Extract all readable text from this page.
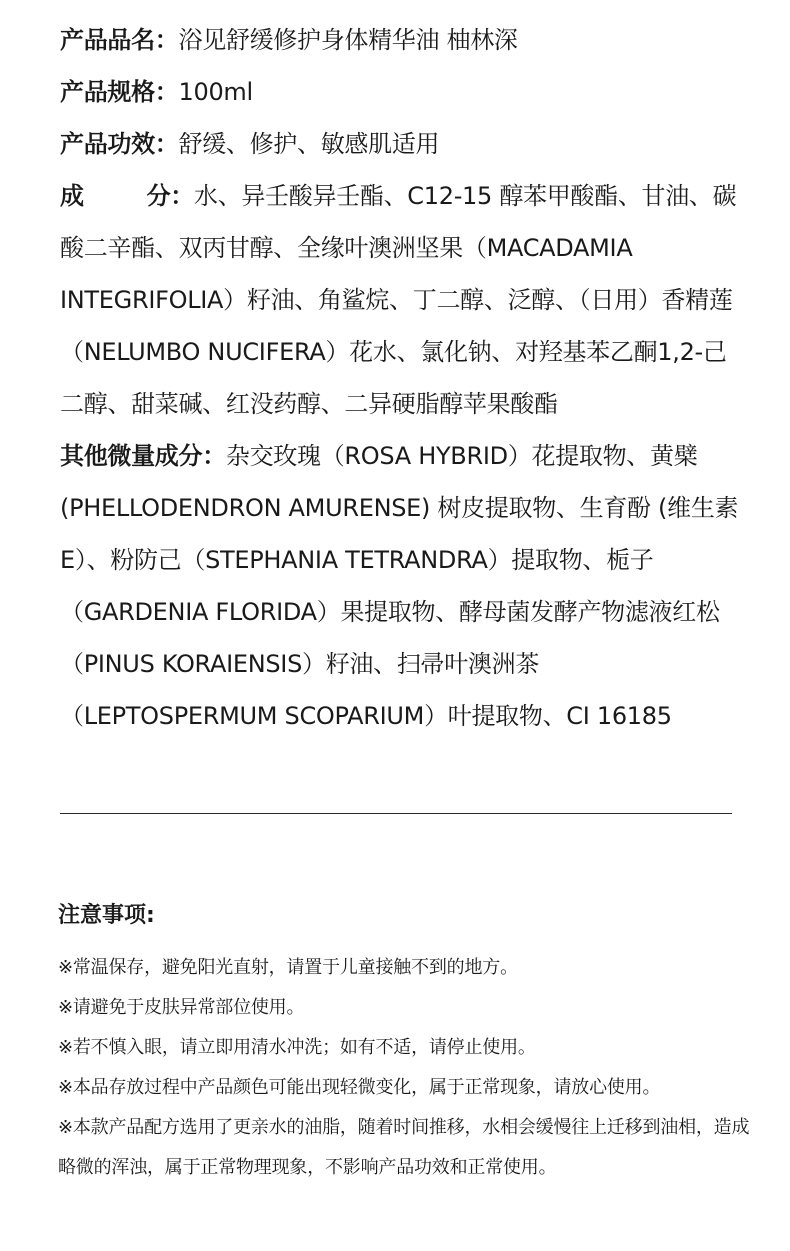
产品品名：浴见舒缓修护身体精华油 柚林深

产品规格：100ml

产品功效：舒缓、修护、敏感肌适用

成	分： 水、异壬酸异壬酯、C12-15 醇苯甲酸酯、甘油、碳酸二辛酯、双丙甘醇、全缘叶澳洲坚果（MACADAMIA INTEGRIFOLIA）籽油、角鲨烷、丁二醇、泛醇、（日用）香精莲（NELUMBO NUCIFERA）花水、氯化钠、对羟基苯乙酮1,2-己二醇、甜菜碱、红没药醇、二异硬脂醇苹果酸酯

其他微量成分：杂交玫瑰（ROSA HYBRID）花提取物、黄檗(PHELLODENDRON AMURENSE) 树皮提取物、生育酚 (维生素E）、粉防己（STEPHANIA TETRANDRA）提取物、栀子（GARDENIA FLORIDA）果提取物、酵母菌发酵产物滤液红松（PINUS KORAIENSIS）籽油、扫帚叶澳洲茶（LEPTOSPERMUM SCOPARIUM）叶提取物、CI 16185

注意事项:

※常温保存，避免阳光直射，请置于儿童接触不到的地方。

※请避免于皮肤异常部位使用。

※若不慎入眼，请立即用清水冲洗；如有不适，请停止使用。

※本品存放过程中产品颜色可能出现轻微变化，属于正常现象，请放心使用。

※本款产品配方选用了更亲水的油脂，随着时间推移，水相会缓慢往上迁移到油相，造成略微的浑浊，属于正常物理现象，不影响产品功效和正常使用。
